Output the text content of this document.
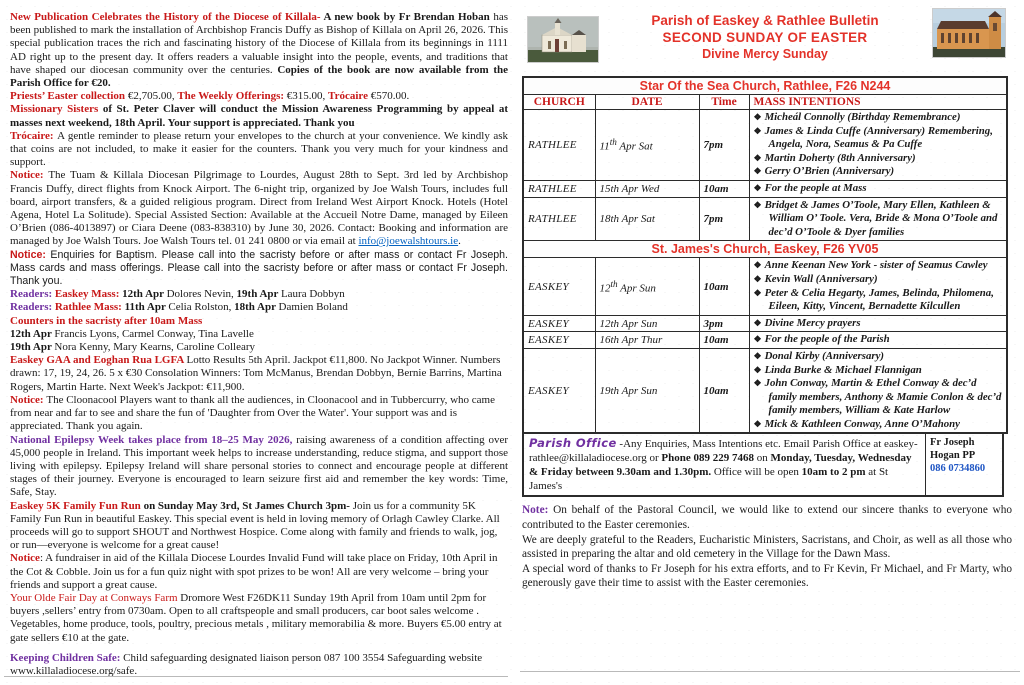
New Publication Celebrates the History of the Diocese of Killala- A new book by Fr Brendan Hoban has been published to mark the installation of Archbishop Francis Duffy as Bishop of Killala on April 26, 2026. This special publication traces the rich and fascinating history of the Diocese of Killala from its beginnings in 1111 AD right up to the present day. It offers readers a valuable insight into the people, events, and traditions that have shaped our diocesan community over the centuries. Copies of the book are now available from the Parish Office for €20.

Priests’ Easter collection €2,705.00, The Weekly Offerings: €315.00, Trócaire €570.00.

Missionary Sisters of St. Peter Claver will conduct the Mission Awareness Programming by appeal at masses next weekend, 18th April. Your support is appreciated. Thank you

Trócaire: A gentle reminder to please return your envelopes to the church at your convenience. We kindly ask that coins are not included, to make it easier for the counters. Thank you very much for your kindness and support.

Notice: The Tuam & Killala Diocesan Pilgrimage to Lourdes, August 28th to Sept. 3rd led by Archbishop Francis Duffy, direct flights from Knock Airport. The 6-night trip, organized by Joe Walsh Tours, includes full board, airport transfers, & a guided religious program. Direct from Ireland West Airport Knock. Hotels (Hotel Agena, Hotel La Solitude). Special Assisted Section: Available at the Accueil Notre Dame, managed by Eileen O’Brien (086-4013897) or Ciara Deene (083-838310) by June 30, 2026. Contact: Booking and information are managed by Joe Walsh Tours. Joe Walsh Tours tel. 01 241 0800 or via email at info@joewalshtours.ie.

Notice: Enquiries for Baptism. Please call into the sacristy before or after mass or contact Fr Joseph. Mass cards and mass offerings. Please call into the sacristy before or after mass or contact Fr Joseph. Thank you.

Readers: Easkey Mass: 12th Apr Dolores Nevin, 19th Apr Laura Dobbyn

Readers: Rathlee Mass: 11th Apr Celia Rolston, 18th Apr Damien Boland

Counters in the sacristy after 10am Mass

12th Apr Francis Lyons, Carmel Conway, Tina Lavelle

19th Apr Nora Kenny, Mary Kearns, Caroline Colleary

Easkey GAA and Eoghan Rua LGFA Lotto Results 5th April. Jackpot €11,800. No Jackpot Winner. Numbers drawn: 17, 19, 24, 26. 5 x €30 Consolation Winners: Tom McManus, Brendan Dobbyn, Bernie Barrins, Martina Rogers, Martin Harte. Next Week's Jackpot: €11,900.

Notice: The Cloonacool Players want to thank all the audiences, in Cloonacool and in Tubbercurry, who came from near and far to see and share the fun of 'Daughter from Over the Water'. Your support was and is appreciated. Thank you again.

National Epilepsy Week takes place from 18–25 May 2026, raising awareness of a condition affecting over 45,000 people in Ireland. This important week helps to increase understanding, reduce stigma, and support those living with epilepsy. Epilepsy Ireland will share personal stories to connect and encourage people at different stages of their journey. Everyone is encouraged to learn seizure first aid and remember the key words: Time, Safe, Stay.

Easkey 5K Family Fun Run on Sunday May 3rd, St James Church 3pm- Join us for a community 5K Family Fun Run in beautiful Easkey. This special event is held in loving memory of Orlagh Cawley Clarke. All proceeds will go to support SHOUT and Northwest Hospice. Come along with family and friends to walk, jog, or run—everyone is welcome for a great cause!

Notice: A fundraiser in aid of the Killala Diocese Lourdes Invalid Fund will take place on Friday, 10th April in the Cot & Cobble. Join us for a fun quiz night with spot prizes to be won! All are very welcome – bring your friends and support a great cause.

Your Olde Fair Day at Conways Farm Dromore West F26DK11 Sunday 19th April from 10am until 2pm for buyers ,sellers’ entry from 0730am. Open to all craftspeople and small producers, car boot sales welcome . Vegetables, home produce, tools, poultry, precious metals , military memorabilia & more. Buyers €5.00 entry at gate sellers €10 at the gate.

Keeping Children Safe: Child safeguarding designated liaison person 087 100 3554 Safeguarding website www.killaladiocese.org/safe.

Parish of Easkey & Rathlee Bulletin
SECOND SUNDAY OF EASTER
Divine Mercy Sunday
Star Of the Sea Church, Rathlee, F26 N244			
CHURCH	DATE	Time	MASS INTENTIONS
RATHLEE	11th Apr Sat	7pm	❖ Micheál Connolly (Birthday Remembrance)
❖ James & Linda Cuffe (Anniversary) Remembering, Angela, Nora, Seamus & Pa Cuffe
❖ Martin Doherty (8th Anniversary)
❖ Gerry O’Brien (Anniversary)

RATHLEE	15th Apr Wed	10am	❖ For the people at Mass

RATHLEE	18th Apr Sat	7pm	❖ Bridget & James O’Toole, Mary Ellen, Kathleen & William O’ Toole. Vera, Bride & Mona O’Toole and dec’d O’Toole & Dyer families

St. James's Church, Easkey, F26 YV05			
EASKEY	12th Apr Sun	10am	❖ Anne Keenan New York - sister of Seamus Cawley
❖ Kevin Wall (Anniversary)
❖ Peter & Celia Hegarty, James, Belinda, Philomena, Eileen, Kitty, Vincent, Bernadette Kilcullen

EASKEY	12th Apr Sun	3pm	❖ Divine Mercy prayers

EASKEY	16th Apr Thur	10am	❖ For the people of the Parish

EASKEY	19th Apr Sun	10am	❖ Donal Kirby (Anniversary)
❖ Linda Burke & Michael Flannigan
❖ John Conway, Martin & Ethel Conway & dec’d family members, Anthony & Mamie Conlon & dec’d family members, William & Kate Harlow
❖ Mick & Kathleen Conway, Anne O’Mahony
Parish Office -Any Enquiries, Mass Intentions etc. Email Parish Office at easkey-rathlee@killaladiocese.org or Phone 089 229 7468 on Monday, Tuesday, Wednesday & Friday between 9.30am and 1.30pm. Office will be open 10am to 2 pm at St James's
Fr Joseph Hogan PP
086 0734860

Note: On behalf of the Pastoral Council, we would like to extend our sincere thanks to everyone who contributed to the Easter ceremonies.

We are deeply grateful to the Readers, Eucharistic Ministers, Sacristans, and Choir, as well as all those who assisted in preparing the altar and old cemetery in the Village for the Dawn Mass.

A special word of thanks to Fr Joseph for his extra efforts, and to Fr Kevin, Fr Michael, and Fr Marty, who generously gave their time to assist with the Easter ceremonies.
